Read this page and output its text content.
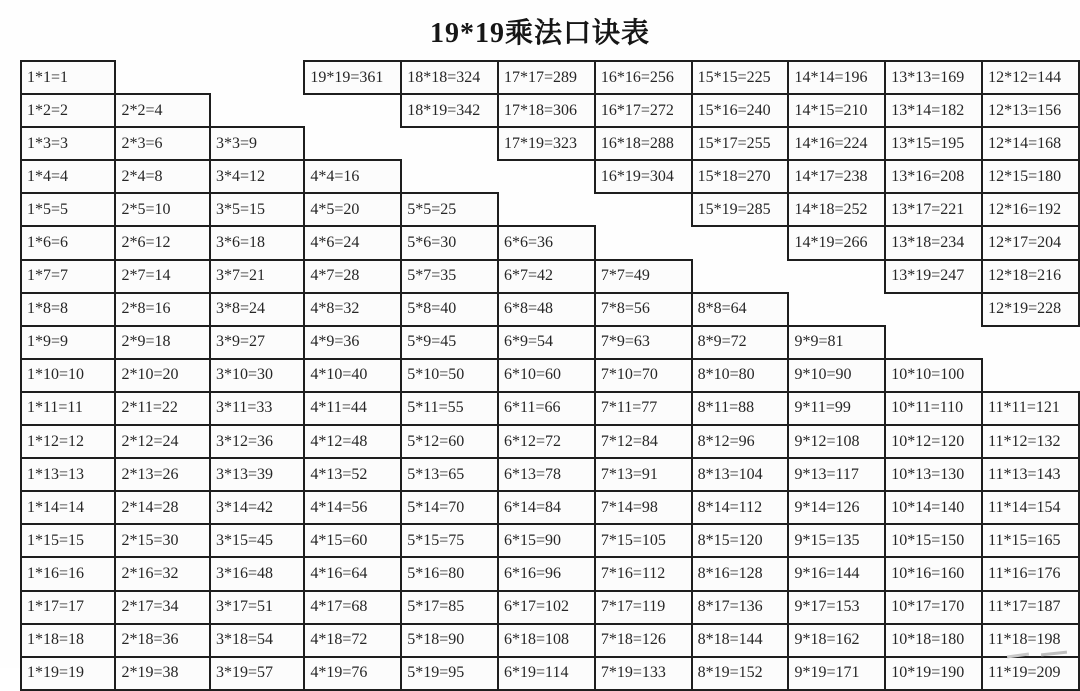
19*19乘法口诀表
1*1=1			19*19=361	18*18=324	17*17=289	16*16=256	15*15=225	14*14=196	13*13=169	12*12=144
1*2=2	2*2=4			18*19=342	17*18=306	16*17=272	15*16=240	14*15=210	13*14=182	12*13=156
1*3=3	2*3=6	3*3=9			17*19=323	16*18=288	15*17=255	14*16=224	13*15=195	12*14=168
1*4=4	2*4=8	3*4=12	4*4=16			16*19=304	15*18=270	14*17=238	13*16=208	12*15=180
1*5=5	2*5=10	3*5=15	4*5=20	5*5=25			15*19=285	14*18=252	13*17=221	12*16=192
1*6=6	2*6=12	3*6=18	4*6=24	5*6=30	6*6=36			14*19=266	13*18=234	12*17=204
1*7=7	2*7=14	3*7=21	4*7=28	5*7=35	6*7=42	7*7=49			13*19=247	12*18=216
1*8=8	2*8=16	3*8=24	4*8=32	5*8=40	6*8=48	7*8=56	8*8=64			12*19=228
1*9=9	2*9=18	3*9=27	4*9=36	5*9=45	6*9=54	7*9=63	8*9=72	9*9=81		
1*10=10	2*10=20	3*10=30	4*10=40	5*10=50	6*10=60	7*10=70	8*10=80	9*10=90	10*10=100	
1*11=11	2*11=22	3*11=33	4*11=44	5*11=55	6*11=66	7*11=77	8*11=88	9*11=99	10*11=110	11*11=121
1*12=12	2*12=24	3*12=36	4*12=48	5*12=60	6*12=72	7*12=84	8*12=96	9*12=108	10*12=120	11*12=132
1*13=13	2*13=26	3*13=39	4*13=52	5*13=65	6*13=78	7*13=91	8*13=104	9*13=117	10*13=130	11*13=143
1*14=14	2*14=28	3*14=42	4*14=56	5*14=70	6*14=84	7*14=98	8*14=112	9*14=126	10*14=140	11*14=154
1*15=15	2*15=30	3*15=45	4*15=60	5*15=75	6*15=90	7*15=105	8*15=120	9*15=135	10*15=150	11*15=165
1*16=16	2*16=32	3*16=48	4*16=64	5*16=80	6*16=96	7*16=112	8*16=128	9*16=144	10*16=160	11*16=176
1*17=17	2*17=34	3*17=51	4*17=68	5*17=85	6*17=102	7*17=119	8*17=136	9*17=153	10*17=170	11*17=187
1*18=18	2*18=36	3*18=54	4*18=72	5*18=90	6*18=108	7*18=126	8*18=144	9*18=162	10*18=180	11*18=198
1*19=19	2*19=38	3*19=57	4*19=76	5*19=95	6*19=114	7*19=133	8*19=152	9*19=171	10*19=190	11*19=209
